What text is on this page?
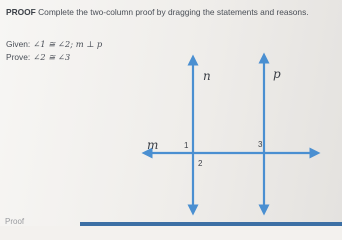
PROOF Complete the two-column proof by dragging the statements and reasons.
Given: ∠1 ≅ ∠2; m ⊥ p
Prove: ∠2 ≅ ∠3
n	p
m	1
2
3
Proof
